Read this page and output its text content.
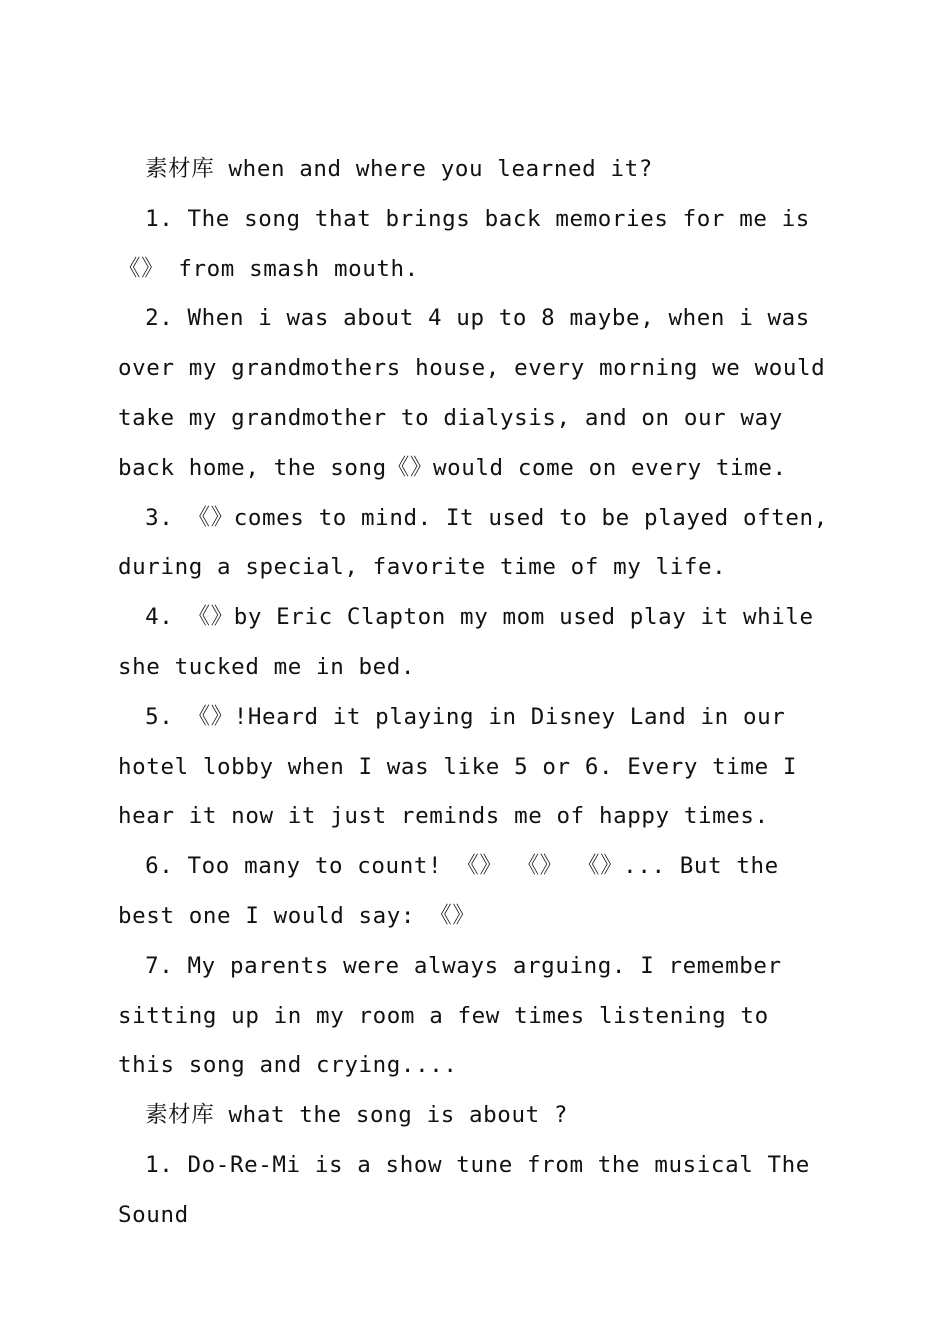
素材库 when and where you learned it?

1. The song that brings back memories for me is 《》 from smash mouth.

2. When i was about 4 up to 8 maybe, when i was over my grandmothers house, every morning we would take my grandmother to dialysis, and on our way back home, the song《》would come on every time.

3. 《》comes to mind. It used to be played often, during a special, favorite time of my life.

4. 《》by Eric Clapton my mom used play it while she tucked me in bed.

5. 《》!Heard it playing in Disney Land in our hotel lobby when I was like 5 or 6. Every time I hear it now it just reminds me of happy times.

6. Too many to count! 《》 《》 《》... But the best one I would say: 《》

7. My parents were always arguing. I remember sitting up in my room a few times listening to this song and crying....

素材库 what the song is about ?

1. Do-Re-Mi is a show tune from the musical The Sound
